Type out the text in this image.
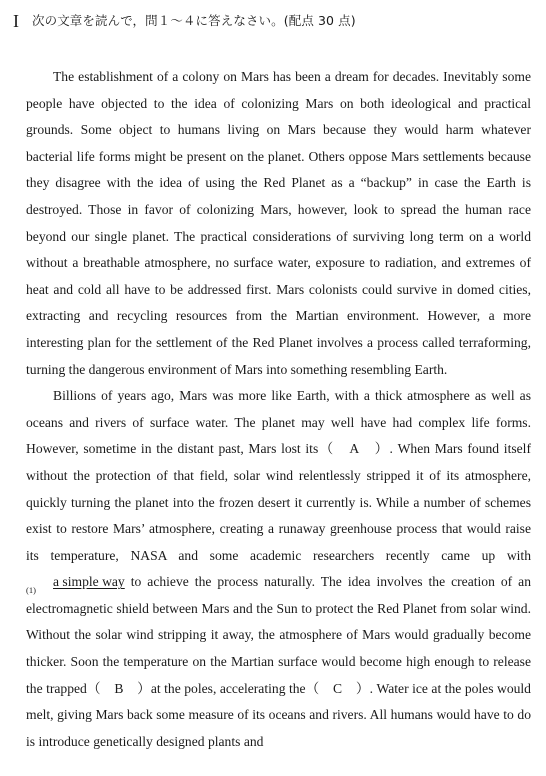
I 次の文章を読んで，問１～４に答えなさい。(配点 30 点)

The establishment of a colony on Mars has been a dream for decades. Inevitably some people have objected to the idea of colonizing Mars on both ideological and practical grounds. Some object to humans living on Mars because they would harm whatever bacterial life forms might be present on the planet. Others oppose Mars settlements because they disagree with the idea of using the Red Planet as a “backup” in case the Earth is destroyed. Those in favor of colonizing Mars, however, look to spread the human race beyond our single planet. The practical considerations of surviving long term on a world without a breathable atmosphere, no surface water, exposure to radiation, and extremes of heat and cold all have to be addressed first. Mars colonists could survive in domed cities, extracting and recycling resources from the Martian environment. However, a more interesting plan for the settlement of the Red Planet involves a process called terraforming, turning the dangerous environment of Mars into something resembling Earth.

Billions of years ago, Mars was more like Earth, with a thick atmosphere as well as oceans and rivers of surface water. The planet may well have had complex life forms. However, sometime in the distant past, Mars lost its（　A　）. When Mars found itself without the protection of that field, solar wind relentlessly stripped it of its atmosphere, quickly turning the planet into the frozen desert it currently is. While a number of schemes exist to restore Mars’ atmosphere, creating a runaway greenhouse process that would raise its temperature, NASA and some academic researchers recently came up with a simple way
(1)
to achieve the process naturally. The idea involves the creation of an electromagnetic shield between Mars and the Sun to protect the Red Planet from solar wind. Without the solar wind stripping it away, the atmosphere of Mars would gradually become thicker. Soon the temperature on the Martian surface would become high enough to release the trapped（　B　）at the poles, accelerating the（　C　）. Water ice at the poles would melt, giving Mars back some measure of its oceans and rivers. All humans would have to do is introduce genetically designed plants and
